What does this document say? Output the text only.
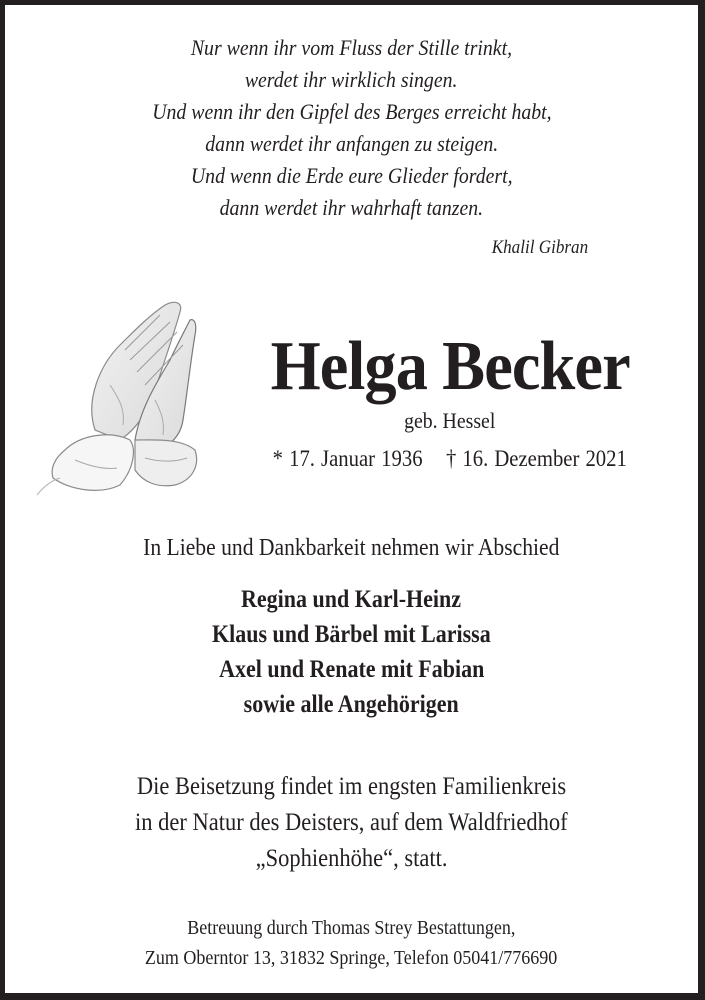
Nur wenn ihr vom Fluss der Stille trinkt,
werdet ihr wirklich singen.
Und wenn ihr den Gipfel des Berges erreicht habt,
dann werdet ihr anfangen zu steigen.
Und wenn die Erde eure Glieder fordert,
dann werdet ihr wahrhaft tanzen.
Khalil Gibran
Helga Becker
geb. Hessel
* 17. Januar 1936 † 16. Dezember 2021
In Liebe und Dankbarkeit nehmen wir Abschied
Regina und Karl-Heinz
Klaus und Bärbel mit Larissa
Axel und Renate mit Fabian
sowie alle Angehörigen
Die Beisetzung findet im engsten Familienkreis
in der Natur des Deisters, auf dem Waldfriedhof
„Sophienhöhe“, statt.
Betreuung durch Thomas Strey Bestattungen,
Zum Oberntor 13, 31832 Springe, Telefon 05041/776690
